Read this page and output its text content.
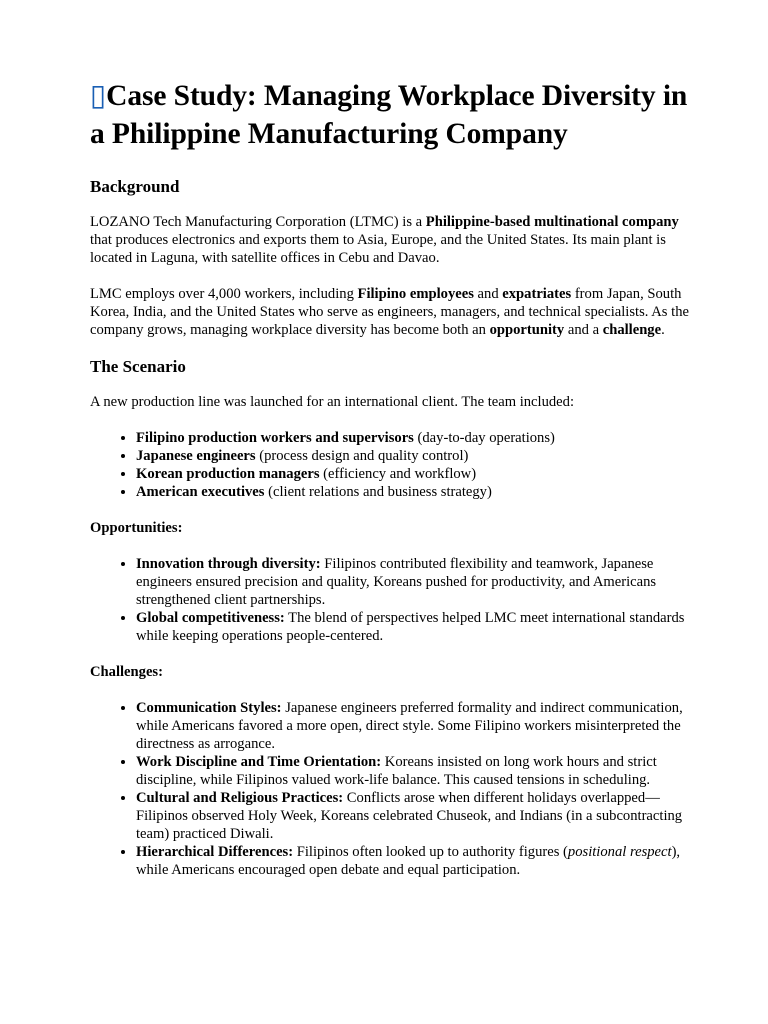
▯Case Study: Managing Workplace Diversity in a Philippine Manufacturing Company
Background

LOZANO Tech Manufacturing Corporation (LTMC) is a Philippine-based multinational company that produces electronics and exports them to Asia, Europe, and the United States. Its main plant is located in Laguna, with satellite offices in Cebu and Davao.

LMC employs over 4,000 workers, including Filipino employees and expatriates from Japan, South Korea, India, and the United States who serve as engineers, managers, and technical specialists. As the company grows, managing workplace diversity has become both an opportunity and a challenge.

The Scenario

A new production line was launched for an international client. The team included:

• Filipino production workers and supervisors (day-to-day operations)
• Japanese engineers (process design and quality control)
• Korean production managers (efficiency and workflow)
• American executives (client relations and business strategy)

Opportunities:

• Innovation through diversity: Filipinos contributed flexibility and teamwork, Japanese engineers ensured precision and quality, Koreans pushed for productivity, and Americans strengthened client partnerships.
• Global competitiveness: The blend of perspectives helped LMC meet international standards while keeping operations people-centered.

Challenges:

• Communication Styles: Japanese engineers preferred formality and indirect communication, while Americans favored a more open, direct style. Some Filipino workers misinterpreted the directness as arrogance.
• Work Discipline and Time Orientation: Koreans insisted on long work hours and strict discipline, while Filipinos valued work-life balance. This caused tensions in scheduling.
• Cultural and Religious Practices: Conflicts arose when different holidays overlapped—Filipinos observed Holy Week, Koreans celebrated Chuseok, and Indians (in a subcontracting team) practiced Diwali.
• Hierarchical Differences: Filipinos often looked up to authority figures (positional respect), while Americans encouraged open debate and equal participation.
